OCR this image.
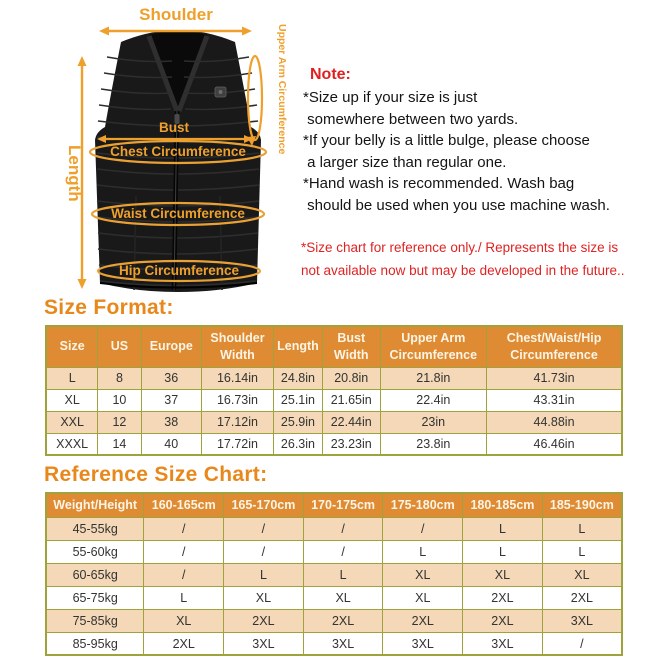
Shoulder
Length
Upper Arm Circumference
Bust
Chest Circumference
Waist Circumference
Hip Circumference
Note:
*Size up if your size is just
somewhere between two yards.
*If your belly is a little bulge, please choose
a larger size than regular one.
*Hand wash is recommended. Wash bag
should be used when you use machine wash.
*Size chart for reference only./ Represents the size is
not available now but may be developed in the future..
Size Format:
Size	US	Europe	Shoulder Width	Length	Bust Width	Upper Arm Circumference	Chest/Waist/Hip Circumference
L	8	36	16.14in	24.8in	20.8in	21.8in	41.73in
XL	10	37	16.73in	25.1in	21.65in	22.4in	43.31in
XXL	12	38	17.12in	25.9in	22.44in	23in	44.88in
XXXL	14	40	17.72in	26.3in	23.23in	23.8in	46.46in
Reference Size Chart:
Weight/Height	160-165cm	165-170cm	170-175cm	175-180cm	180-185cm	185-190cm
45-55kg	/	/	/	/	L	L
55-60kg	/	/	/	L	L	L
60-65kg	/	L	L	XL	XL	XL
65-75kg	L	XL	XL	XL	2XL	2XL
75-85kg	XL	2XL	2XL	2XL	2XL	3XL
85-95kg	2XL	3XL	3XL	3XL	3XL	/
